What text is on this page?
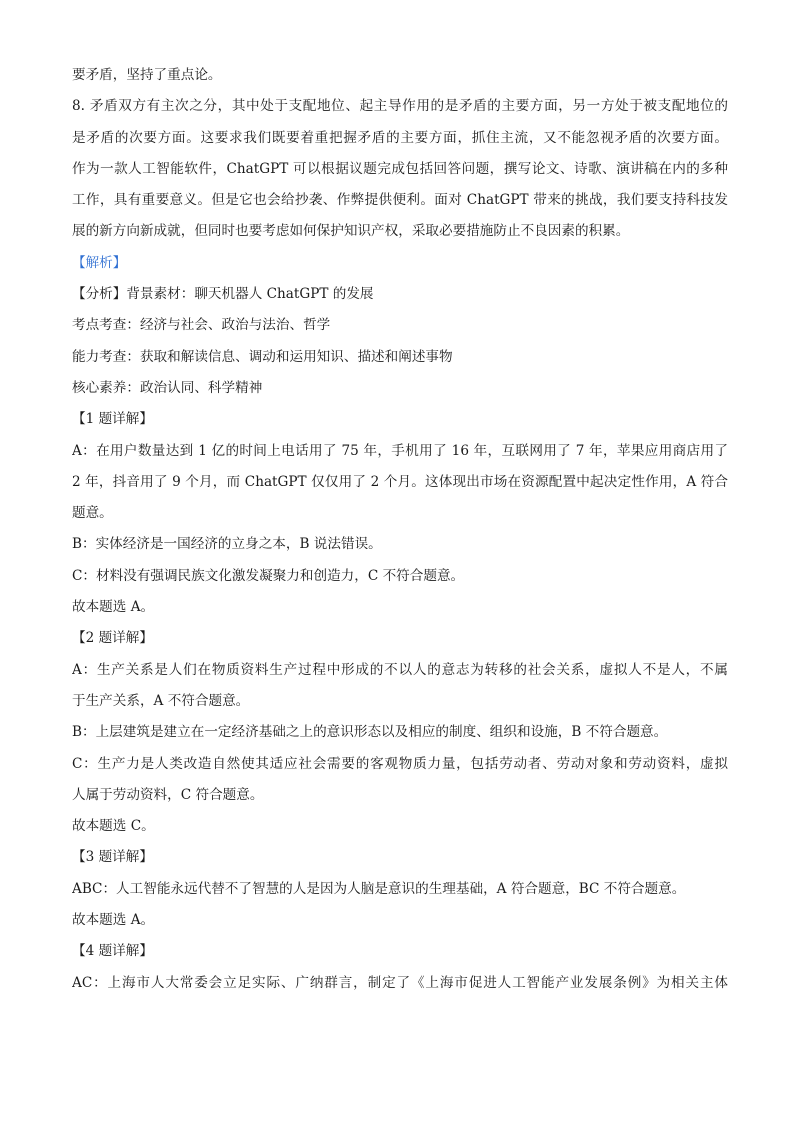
要矛盾，坚持了重点论。
8. 矛盾双方有主次之分，其中处于支配地位、起主导作用的是矛盾的主要方面，另一方处于被支配地位的
是矛盾的次要方面。这要求我们既要着重把握矛盾的主要方面，抓住主流，又不能忽视矛盾的次要方面。
作为一款人工智能软件，ChatGPT 可以根据议题完成包括回答问题，撰写论文、诗歌、演讲稿在内的多种
工作，具有重要意义。但是它也会给抄袭、作弊提供便利。面对 ChatGPT 带来的挑战，我们要支持科技发
展的新方向新成就，但同时也要考虑如何保护知识产权，采取必要措施防止不良因素的积累。
【解析】
【分析】背景素材：聊天机器人 ChatGPT 的发展
考点考查：经济与社会、政治与法治、哲学
能力考查：获取和解读信息、调动和运用知识、描述和阐述事物
核心素养：政治认同、科学精神
【1 题详解】
A：在用户数量达到 1 亿的时间上电话用了 75 年，手机用了 16 年，互联网用了 7 年，苹果应用商店用了
2 年，抖音用了 9 个月，而 ChatGPT 仅仅用了 2 个月。这体现出市场在资源配置中起决定性作用，A 符合
题意。
B：实体经济是一国经济的立身之本，B 说法错误。
C：材料没有强调民族文化激发凝聚力和创造力，C 不符合题意。
故本题选 A。
【2 题详解】
A：生产关系是人们在物质资料生产过程中形成的不以人的意志为转移的社会关系，虚拟人不是人，不属
于生产关系，A 不符合题意。
B：上层建筑是建立在一定经济基础之上的意识形态以及相应的制度、组织和设施，B 不符合题意。
C：生产力是人类改造自然使其适应社会需要的客观物质力量，包括劳动者、劳动对象和劳动资料，虚拟
人属于劳动资料，C 符合题意。
故本题选 C。
【3 题详解】
ABC：人工智能永远代替不了智慧的人是因为人脑是意识的生理基础，A 符合题意，BC 不符合题意。
故本题选 A。
【4 题详解】
AC：上海市人大常委会立足实际、广纳群言，制定了《上海市促进人工智能产业发展条例》为相关主体
